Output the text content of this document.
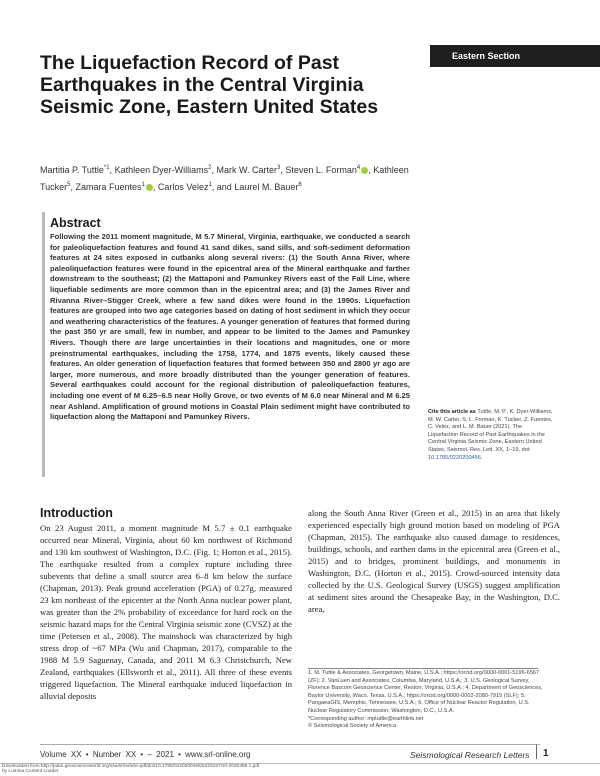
Eastern Section
The Liquefaction Record of Past Earthquakes in the Central Virginia Seismic Zone, Eastern United States
Martitia P. Tuttle$^{*1}$, Kathleen Dyer-Williams$^2$, Mark W. Carter$^3$, Steven L. Forman$^4$ , Kathleen Tucker$^5$, Zamara Fuentes$^1$ , Carlos Velez$^1$, and Laurel M. Bauer$^6$
Abstract
Following the 2011 moment magnitude, M 5.7 Mineral, Virginia, earthquake, we conducted a search for paleoliquefaction features and found 41 sand dikes, sand sills, and soft-sediment deformation features at 24 sites exposed in cutbanks along several rivers: (1) the South Anna River, where paleoliquefaction features were found in the epicentral area of the Mineral earthquake and farther downstream to the southeast; (2) the Mattaponi and Pamunkey Rivers east of the Fall Line, where liquefiable sediments are more common than in the epicentral area; and (3) the James River and Rivanna River–Stigger Creek, where a few sand dikes were found in the 1990s. Liquefaction features are grouped into two age categories based on dating of host sediment in which they occur and weathering characteristics of the features. A younger generation of features that formed during the past 350 yr are small, few in number, and appear to be limited to the James and Pamunkey Rivers. Though there are large uncertainties in their locations and magnitudes, one or more preinstrumental earthquakes, including the 1758, 1774, and 1875 events, likely caused these features. An older generation of liquefaction features that formed between 350 and 2800 yr ago are larger, more numerous, and more broadly distributed than the younger generation of features. Several earthquakes could account for the regional distribution of paleoliquefaction features, including one event of M 6.25–6.5 near Holly Grove, or two events of M 6.0 near Mineral and M 6.25 near Ashland. Amplification of ground motions in Coastal Plain sediment might have contributed to liquefaction along the Mattaponi and Pamunkey Rivers.
Cite this article as Tuttle, M. P., K. Dyer-Williams, M. W. Carter, S. L. Forman, K. Tucker, Z. Fuentes, C. Velez, and L. M. Bauer (2021). The Liquefaction Record of Past Earthquakes in the Central Virginia Seismic Zone, Eastern United States, Seismol. Res. Lett. XX, 1–19, doi: 10.1785/0220200456.
Introduction
On 23 August 2011, a moment magnitude M 5.7 ± 0.1 earthquake occurred near Mineral, Virginia, about 60 km northwest of Richmond and 130 km southwest of Washington, D.C. (Fig. 1; Horton et al., 2015). The earthquake resulted from a complex rupture including three subevents that define a small source area 6–8 km below the surface (Chapman, 2013). Peak ground acceleration (PGA) of 0.27g, measured 23 km northeast of the epicenter at the North Anna nuclear power plant, was greater than the 2% probability of exceedance for hard rock on the seismic hazard maps for the Central Virginia seismic zone (CVSZ) at the time (Petersen et al., 2008). The mainshock was characterized by high stress drop of ~67 MPa (Wu and Chapman, 2017), comparable to the 1988 M 5.9 Saguenay, Canada, and 2011 M 6.3 Christchurch, New Zealand, earthquakes (Ellsworth et al., 2011). All three of these events triggered liquefaction. The Mineral earthquake induced liquefaction in alluvial deposits
along the South Anna River (Green et al., 2015) in an area that likely experienced especially high ground motion based on modeling of PGA (Chapman, 2015). The earthquake also caused damage to residences, buildings, schools, and earthen dams in the epicentral area (Green et al., 2015) and to bridges, prominent buildings, and monuments in Washington, D.C. (Horton et al., 2015). Crowd-sourced intensity data collected by the U.S. Geological Survey (USGS) suggest amplification at sediment sites around the Chesapeake Bay, in the Washington, D.C. area,
1. M. Tuttle & Associates, Georgetown, Maine, U.S.A.; https://orcid.org/0000-0001-5196-6567 (ZF); 2. VanLuen and Associates, Columbia, Maryland, U.S.A.; 3. U.S. Geological Survey, Florence Bascom Geoscience Center, Reston, Virginia, U.S.A.; 4. Department of Geosciences, Baylor University, Waco, Texas, U.S.A.; https://orcid.org/0000-0002-2080-7915 (SLF); 5. PangaeaGIS, Memphis, Tennessee, U.S.A.; 6. Office of Nuclear Reactor Regulation, U.S. Nuclear Regulatory Commission, Washington, D.C., U.S.A.
*Corresponding author: mptuttle@earthlink.net
© Seismological Society of America
Volume XX • Number XX • – 2021 • www.srl-online.org	Seismological Research Letters 1
Downloaded from http://pubs.geoscienceworld.org/ssa/srl/article-pdf/doi/10.1785/0220200456/5323167/srl-2020456.1.pdf
by Lumina Content Loader
